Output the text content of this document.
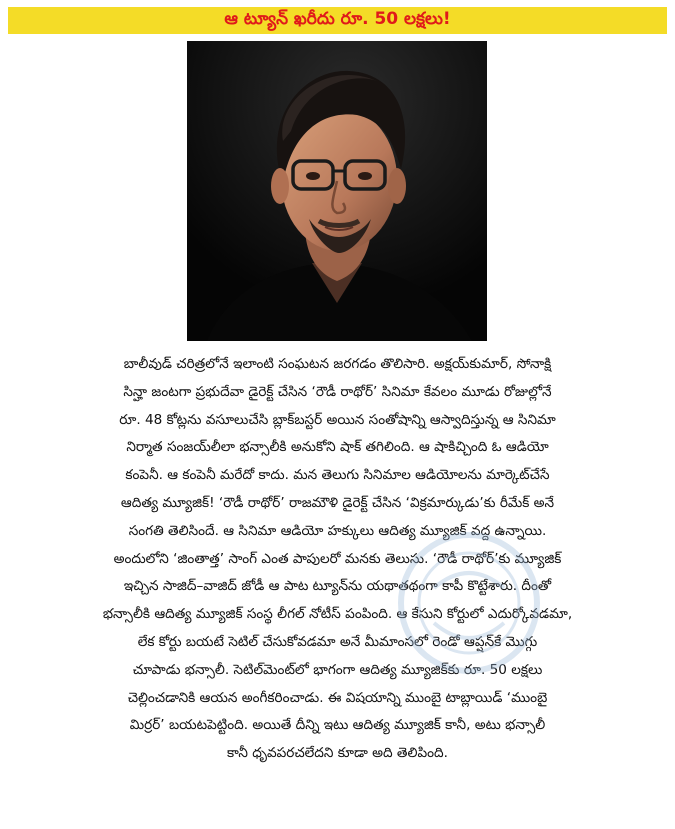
ఆ ట్యూన్ ఖరీదు రూ. 50 లక్షలు!
బాలీవుడ్ చరిత్రలోనే ఇలాంటి సంఘటన జరగడం తొలిసారి. అక్షయ్‌కుమార్, సోనాక్షి
సిన్హా జంటగా ప్రభుదేవా డైరెక్ట్ చేసిన ‘రౌడీ రాథోర్’ సినిమా కేవలం మూడు రోజుల్లోనే
రూ. 48 కోట్లను వసూలుచేసి బ్లాక్‌బస్టర్ అయిన సంతోషాన్ని ఆస్వాదిస్తున్న ఆ సినిమా
నిర్మాత సంజయ్‌లీలా భన్సాలీకి అనుకోని షాక్ తగిలింది. ఆ షాకిచ్చింది ఓ ఆడియో
కంపెనీ. ఆ కంపెనీ మరేదో కాదు. మన తెలుగు సినిమాల ఆడియోలను మార్కెట్‌చేసే
ఆదిత్య మ్యూజిక్! ‘రౌడీ రాథోర్’ రాజమౌళి డైరెక్ట్ చేసిన ‘విక్రమార్కుడు’కు రీమేక్ అనే
సంగతి తెలిసిందే. ఆ సినిమా ఆడియో హక్కులు ఆదిత్య మ్యూజిక్ వద్ద ఉన్నాయి.
అందులోని ‘జింతాత్త’ సాంగ్ ఎంత పాపులరో మనకు తెలుసు. ‘రౌడీ రాథోర్’కు మ్యూజిక్
ఇచ్చిన సాజిద్–వాజిద్ జోడీ ఆ పాట ట్యూన్‌ను యథాతథంగా కాపీ కొట్టేశారు. దీంతో
భన్సాలీకి ఆదిత్య మ్యూజిక్ సంస్థ లీగల్ నోటీస్ పంపింది. ఆ కేసుని కోర్టులో ఎదుర్కోవడమా,
లేక కోర్టు బయటే సెటిల్ చేసుకోవడమా అనే మీమాంసలో రెండో ఆప్షన్‌కే మొగ్గు
చూపాడు భన్సాలీ. సెటిల్‌మెంట్‌లో భాగంగా ఆదిత్య మ్యూజిక్‌కు రూ. 50 లక్షలు
చెల్లించడానికి ఆయన అంగీకరించాడు. ఈ విషయాన్ని ముంబై టాబ్లాయిడ్ ‘ముంబై
మిర్రర్’ బయటపెట్టింది. అయితే దీన్ని ఇటు ఆదిత్య మ్యూజిక్ కానీ, అటు భన్సాలీ
కానీ ధృవపరచలేదని కూడా అది తెలిపింది.
